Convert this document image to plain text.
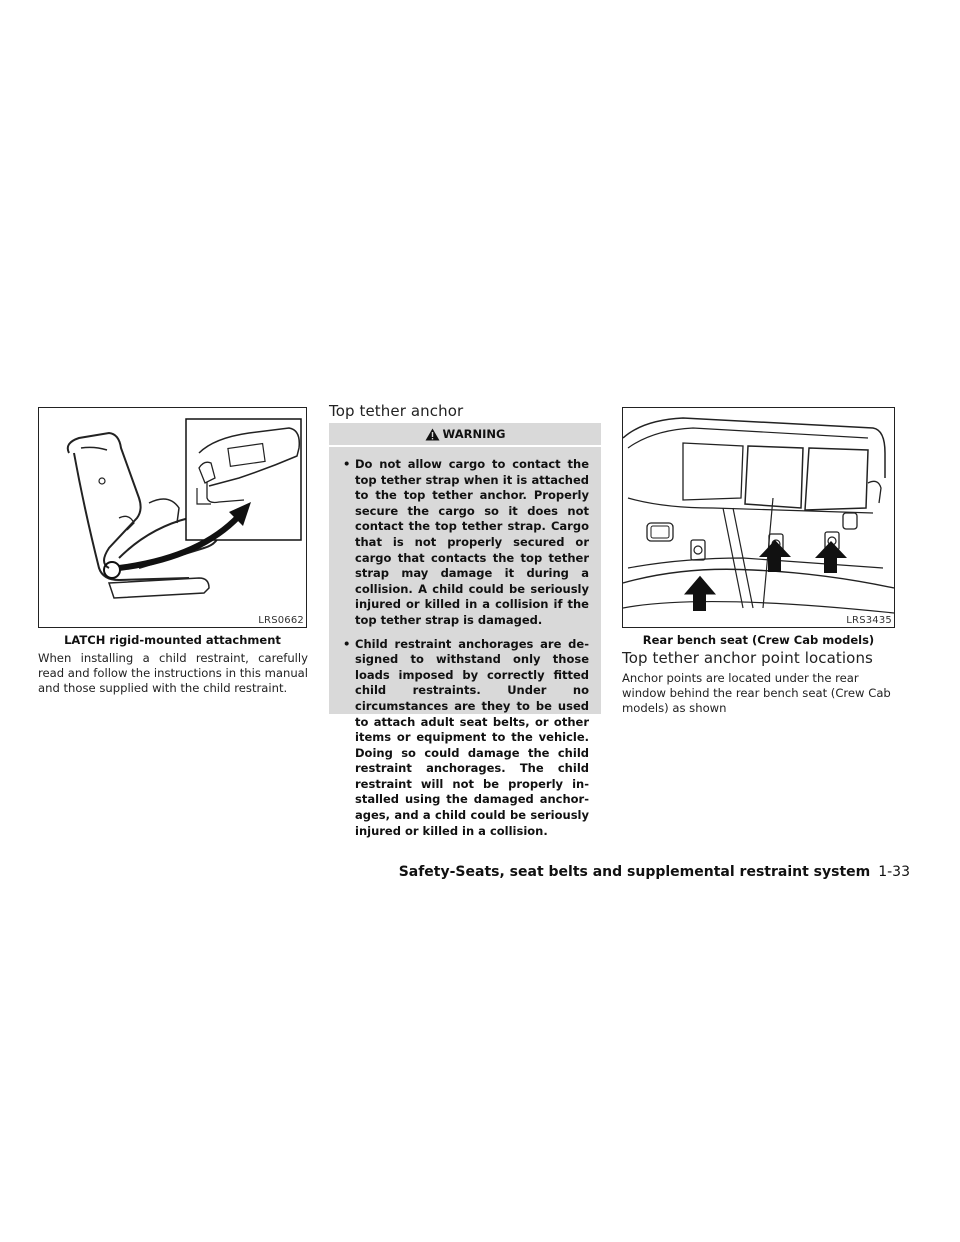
LRS0662
LATCH rigid-mounted attachment
When installing a child restraint, carefully read and follow the instructions in this manual and those supplied with the child restraint.
Top tether anchor
WARNING
• Do not allow cargo to contact the top tether strap when it is attached to the top tether anchor. Properly secure the cargo so it does not contact the top tether strap. Cargo that is not properly secured or cargo that contacts the top tether strap may damage it during a collision. A child could be seriously injured or killed in a collision if the top tether strap is damaged.
• Child restraint anchorages are designed to withstand only those loads imposed by correctly fitted child restraints. Under no circumstances are they to be used to attach adult seat belts, or other items or equipment to the vehicle. Doing so could damage the child restraint anchorages. The child restraint will not be properly installed using the damaged anchorages, and a child could be seriously injured or killed in a collision.
LRS3435
Rear bench seat (Crew Cab models)
Top tether anchor point locations
Anchor points are located under the rear window behind the rear bench seat (Crew Cab models) as shown
Safety-Seats, seat belts and supplemental restraint system 1-33
